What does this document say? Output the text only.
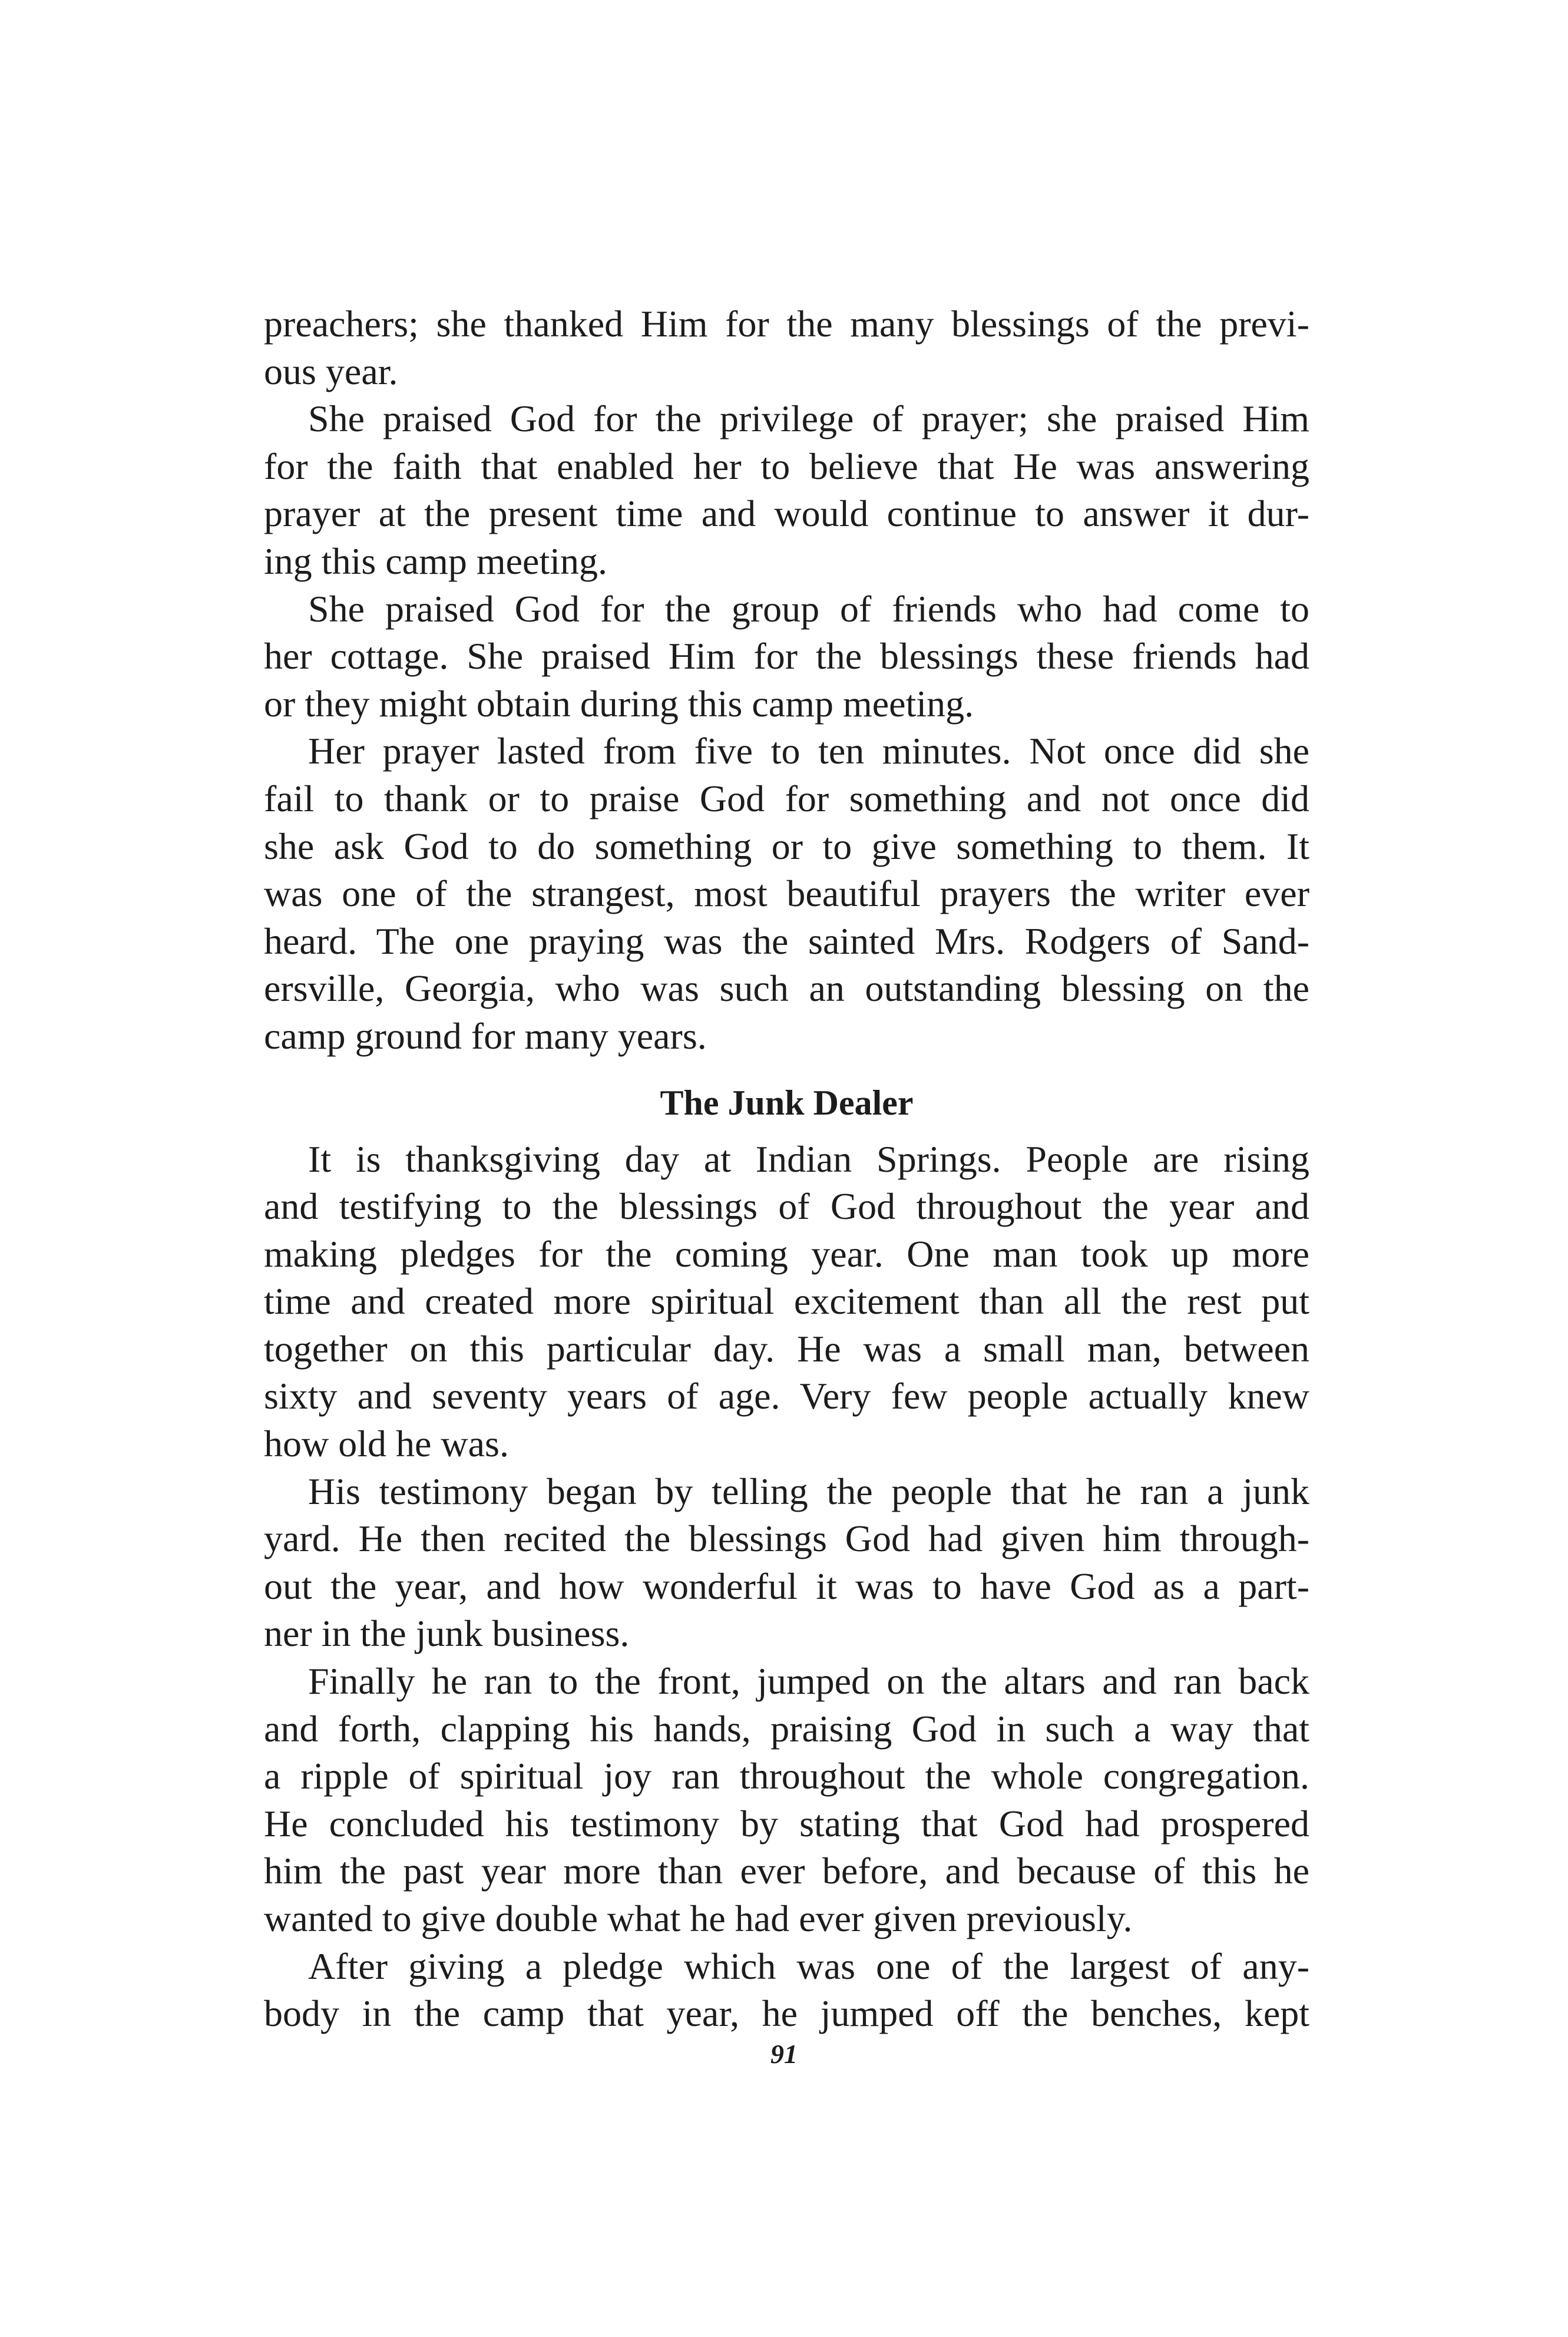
preachers; she thanked Him for the many blessings of the previ-
ous year.
She praised God for the privilege of prayer; she praised Him
for the faith that enabled her to believe that He was answering
prayer at the present time and would continue to answer it dur-
ing this camp meeting.
She praised God for the group of friends who had come to
her cottage. She praised Him for the blessings these friends had
or they might obtain during this camp meeting.
Her prayer lasted from five to ten minutes. Not once did she
fail to thank or to praise God for something and not once did
she ask God to do something or to give something to them. It
was one of the strangest, most beautiful prayers the writer ever
heard. The one praying was the sainted Mrs. Rodgers of Sand-
ersville, Georgia, who was such an outstanding blessing on the
camp ground for many years.
The Junk Dealer
It is thanksgiving day at Indian Springs. People are rising
and testifying to the blessings of God throughout the year and
making pledges for the coming year. One man took up more
time and created more spiritual excitement than all the rest put
together on this particular day. He was a small man, between
sixty and seventy years of age. Very few people actually knew
how old he was.
His testimony began by telling the people that he ran a junk
yard. He then recited the blessings God had given him through-
out the year, and how wonderful it was to have God as a part-
ner in the junk business.
Finally he ran to the front, jumped on the altars and ran back
and forth, clapping his hands, praising God in such a way that
a ripple of spiritual joy ran throughout the whole congregation.
He concluded his testimony by stating that God had prospered
him the past year more than ever before, and because of this he
wanted to give double what he had ever given previously.
After giving a pledge which was one of the largest of any-
body in the camp that year, he jumped off the benches, kept
91
